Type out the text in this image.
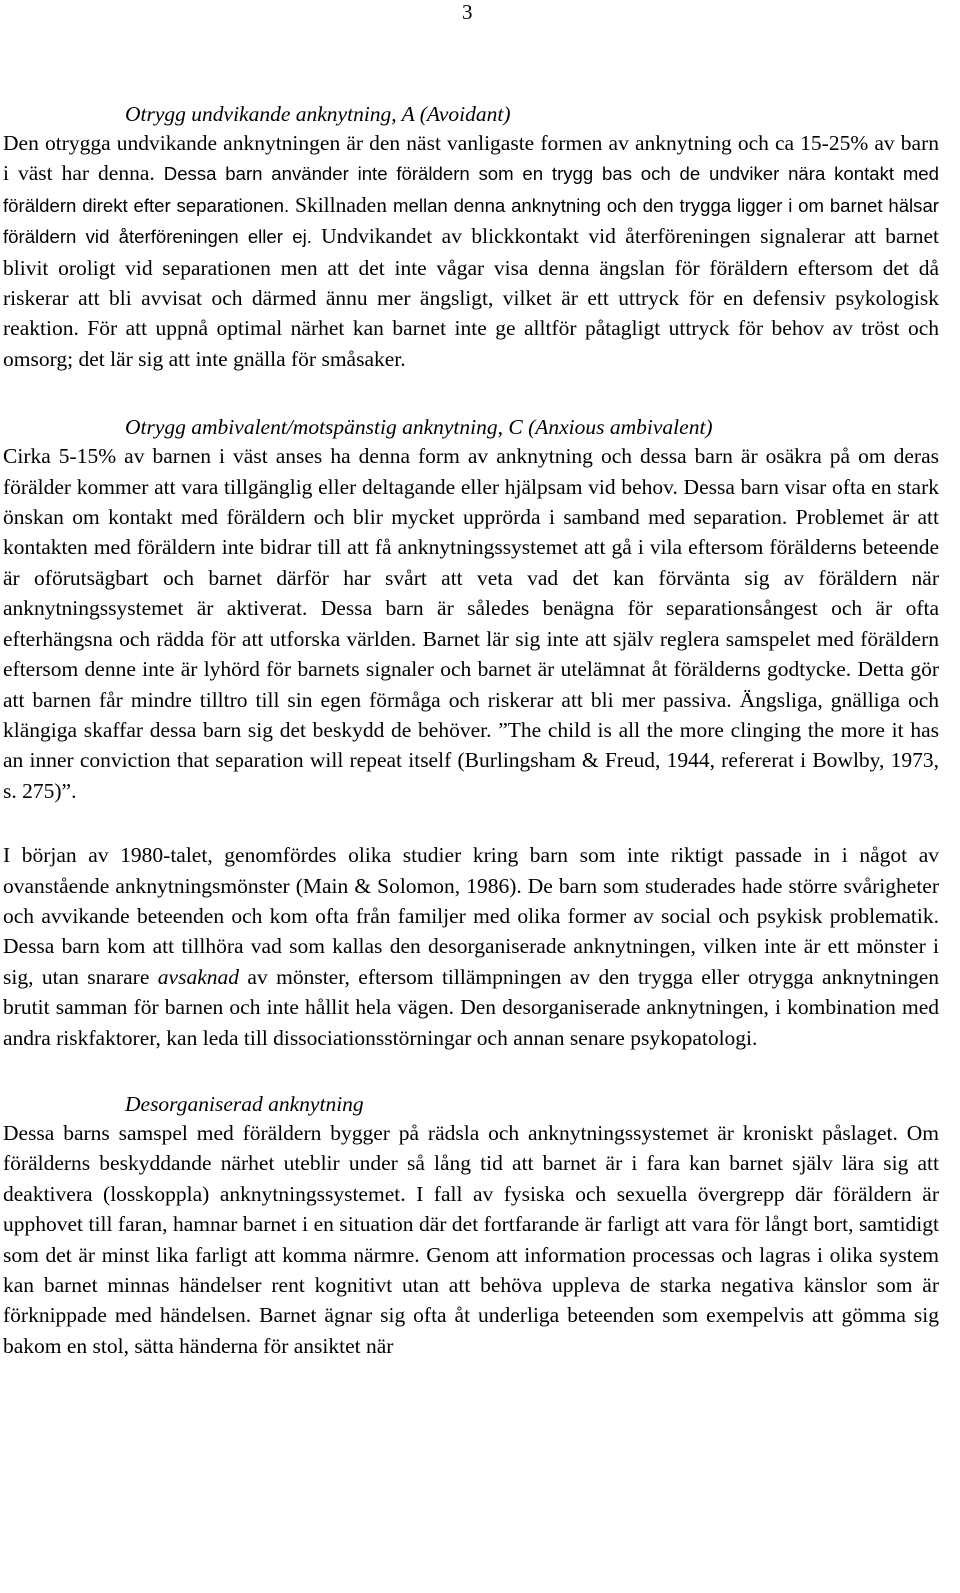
3

Otrygg undvikande anknytning, A (Avoidant)

Den otrygga undvikande anknytningen är den näst vanligaste formen av anknytning och ca 15-25% av barn i väst har denna. Dessa barn använder inte föräldern som en trygg bas och de undviker nära kontakt med föräldern direkt efter separationen. Skillnaden mellan denna anknytning och den trygga ligger i om barnet hälsar föräldern vid återföreningen eller ej. Undvikandet av blickkontakt vid återföreningen signalerar att barnet blivit oroligt vid separationen men att det inte vågar visa denna ängslan för föräldern eftersom det då riskerar att bli avvisat och därmed ännu mer ängsligt, vilket är ett uttryck för en defensiv psykologisk reaktion. För att uppnå optimal närhet kan barnet inte ge alltför påtagligt uttryck för behov av tröst och omsorg; det lär sig att inte gnälla för småsaker.

Otrygg ambivalent/motspänstig anknytning, C (Anxious ambivalent)

Cirka 5-15% av barnen i väst anses ha denna form av anknytning och dessa barn är osäkra på om deras förälder kommer att vara tillgänglig eller deltagande eller hjälpsam vid behov. Dessa barn visar ofta en stark önskan om kontakt med föräldern och blir mycket upprörda i samband med separation. Problemet är att kontakten med föräldern inte bidrar till att få anknytningssystemet att gå i vila eftersom förälderns beteende är oförutsägbart och barnet därför har svårt att veta vad det kan förvänta sig av föräldern när anknytningssystemet är aktiverat. Dessa barn är således benägna för separationsångest och är ofta efterhängsna och rädda för att utforska världen. Barnet lär sig inte att själv reglera samspelet med föräldern eftersom denne inte är lyhörd för barnets signaler och barnet är utelämnat åt förälderns godtycke. Detta gör att barnen får mindre tilltro till sin egen förmåga och riskerar att bli mer passiva. Ängsliga, gnälliga och klängiga skaffar dessa barn sig det beskydd de behöver. ”The child is all the more clinging the more it has an inner conviction that separation will repeat itself (Burlingsham & Freud, 1944, refererat i Bowlby, 1973, s. 275)”.

I början av 1980-talet, genomfördes olika studier kring barn som inte riktigt passade in i något av ovanstående anknytningsmönster (Main & Solomon, 1986). De barn som studerades hade större svårigheter och avvikande beteenden och kom ofta från familjer med olika former av social och psykisk problematik. Dessa barn kom att tillhöra vad som kallas den desorganiserade anknytningen, vilken inte är ett mönster i sig, utan snarare avsaknad av mönster, eftersom tillämpningen av den trygga eller otrygga anknytningen brutit samman för barnen och inte hållit hela vägen. Den desorganiserade anknytningen, i kombination med andra riskfaktorer, kan leda till dissociationsstörningar och annan senare psykopatologi.

Desorganiserad anknytning

Dessa barns samspel med föräldern bygger på rädsla och anknytningssystemet är kroniskt påslaget. Om förälderns beskyddande närhet uteblir under så lång tid att barnet är i fara kan barnet själv lära sig att deaktivera (losskoppla) anknytningssystemet. I fall av fysiska och sexuella övergrepp där föräldern är upphovet till faran, hamnar barnet i en situation där det fortfarande är farligt att vara för långt bort, samtidigt som det är minst lika farligt att komma närmre. Genom att information processas och lagras i olika system kan barnet minnas händelser rent kognitivt utan att behöva uppleva de starka negativa känslor som är förknippade med händelsen. Barnet ägnar sig ofta åt underliga beteenden som exempelvis att gömma sig bakom en stol, sätta händerna för ansiktet när
